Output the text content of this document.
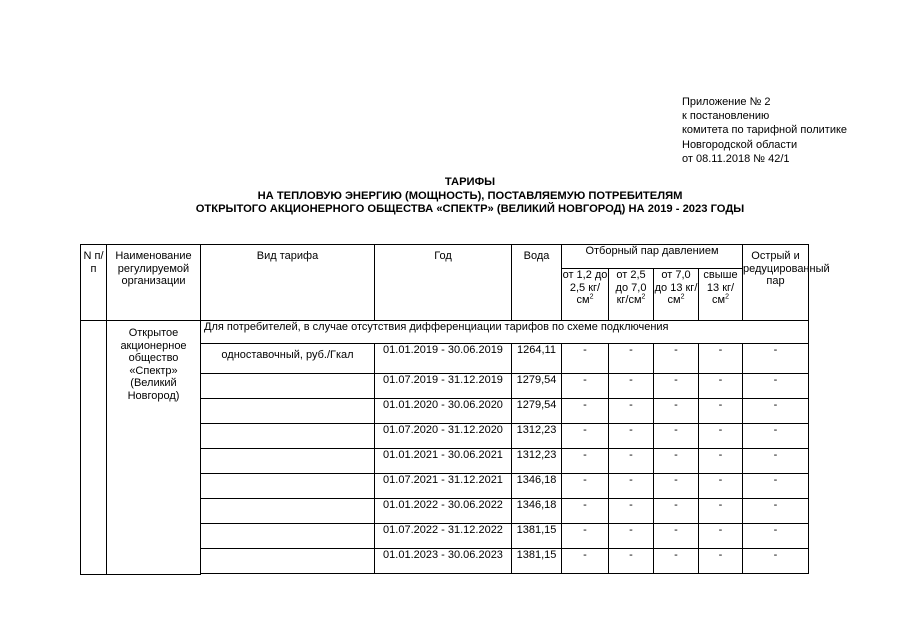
Приложение № 2
к постановлению
комитета по тарифной политике
Новгородской области
от 08.11.2018 № 42/1
ТАРИФЫ
НА ТЕПЛОВУЮ ЭНЕРГИЮ (МОЩНОСТЬ), ПОСТАВЛЯЕМУЮ ПОТРЕБИТЕЛЯМ
ОТКРЫТОГО АКЦИОНЕРНОГО ОБЩЕСТВА «СПЕКТР» (ВЕЛИКИЙ НОВГОРОД) НА 2019 - 2023 ГОДЫ
N п/п	Наименование регулируемой организации	Вид тарифа	Год	Вода	Отборный пар давлением				Острый и редуцированный пар
					от 1,2 до 2,5 $кг/см^2$	от 2,5 до 7,0 $кг/см^2$	от 7,0 до 13 $кг/см^2$	свыше 13 $кг/см^2$
	Открытое акционерное общество «Спектр» (Великий Новгород)	Для потребителей, в случае отсутствия дифференциации тарифов по схеме подключения							
		одноставочный, руб./Гкал	01.01.2019 - 30.06.2019	1264,11	-	-	-	-	-
			01.07.2019 - 31.12.2019	1279,54	-	-	-	-	-
			01.01.2020 - 30.06.2020	1279,54	-	-	-	-	-
			01.07.2020 - 31.12.2020	1312,23	-	-	-	-	-
			01.01.2021 - 30.06.2021	1312,23	-	-	-	-	-
			01.07.2021 - 31.12.2021	1346,18	-	-	-	-	-
			01.01.2022 - 30.06.2022	1346,18	-	-	-	-	-
			01.07.2022 - 31.12.2022	1381,15	-	-	-	-	-
			01.01.2023 - 30.06.2023	1381,15	-	-	-	-	-
